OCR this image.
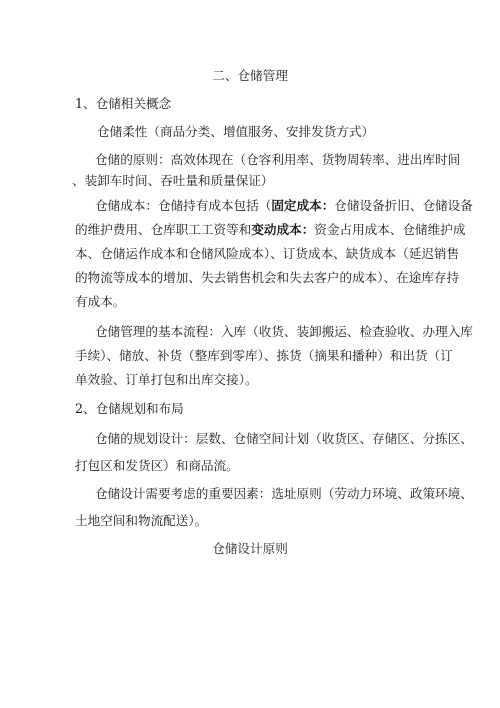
二、仓储管理
1、仓储相关概念
仓储柔性（商品分类、增值服务、安排发货方式）
仓储的原则：高效体现在（仓容利用率、货物周转率、进出库时间
、装卸车时间、吞吐量和质量保证）
仓储成本：仓储持有成本包括（固定成本：仓储设备折旧、仓储设备
的维护费用、仓库职工工资等和变动成本：资金占用成本、仓储维护成
本、仓储运作成本和仓储风险成本）、订货成本、缺货成本（延迟销售
的物流等成本的增加、失去销售机会和失去客户的成本）、在途库存持
有成本。
仓储管理的基本流程：入库（收货、装卸搬运、检查验收、办理入库
手续）、储放、补货（整库到零库）、拣货（摘果和播种）和出货（订
单效验、订单打包和出库交接）。
2、仓储规划和布局
仓储的规划设计：层数、仓储空间计划（收货区、存储区、分拣区、
打包区和发货区）和商品流。
仓储设计需要考虑的重要因素：选址原则（劳动力环境、政策环境、
土地空间和物流配送）。
仓储设计原则
